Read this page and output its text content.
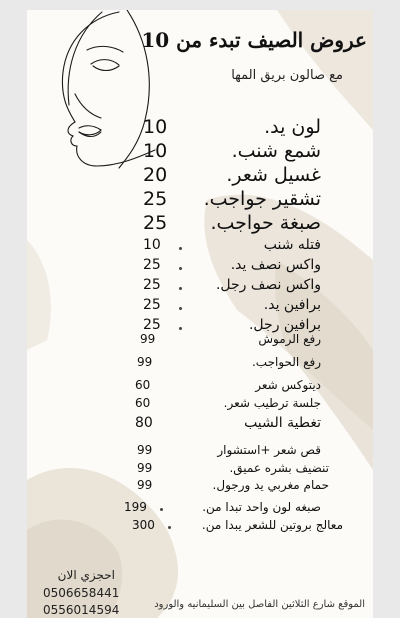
عروض الصيف تبدء من 10
مع صالون بريق المها
لون يد.
10
شمع شنب.
10
غسيل شعر.
20
تشقير جواجب.
25
صبغة حواجب.
25
فتله شنب
10
واكس نصف يد.
25
واكس نصف رجل.
25
برافين يد.
25
برافين رجل.
25
رفع الرموش
99
رفع الحواجب.
99
ديتوكس شعر
60
جلسة ترطيب شعر.
60
تغطية الشيب
80
قص شعر +استشوار
99
تنضيف بشره عميق.
99
حمام مغربي يد ورجول.
99
صبغه لون واحد تبدا من.
199
معالج بروتين للشعر يبدا من.
300
احجزي الان
0506658441
0556014594	الموقع شارع الثلاثين الفاصل بين السليمانيه والورود
